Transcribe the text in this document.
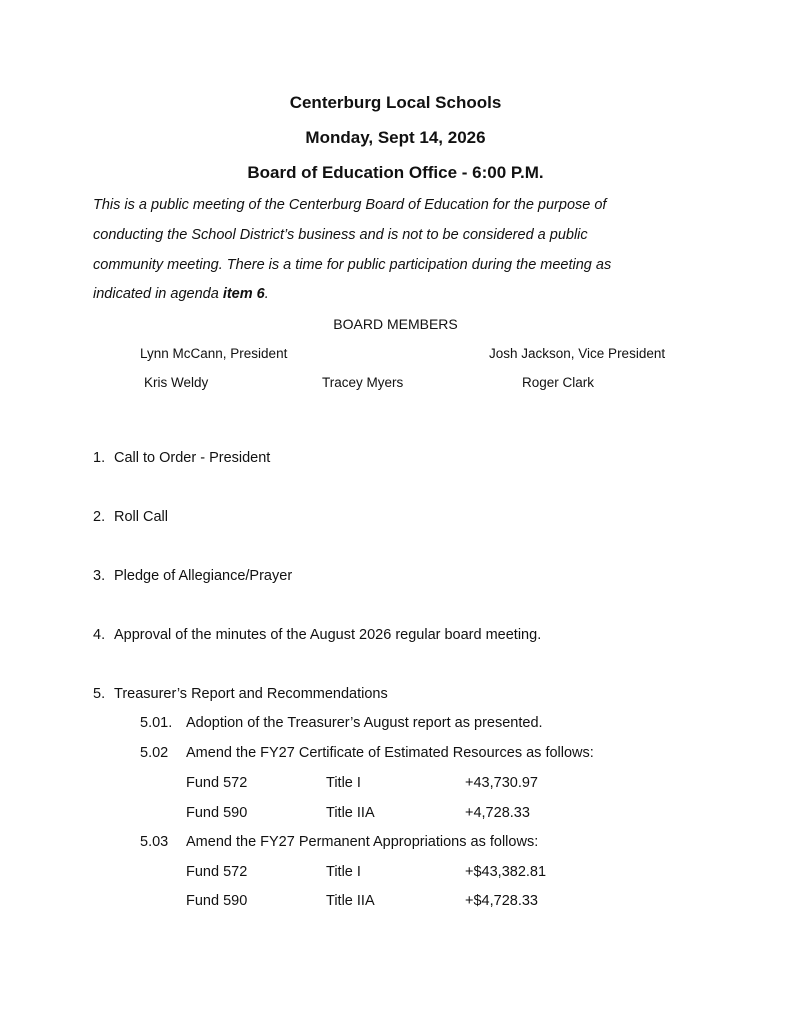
Centerburg Local Schools
Monday, Sept 14, 2026
Board of Education Office - 6:00 P.M.
This is a public meeting of the Centerburg Board of Education for the purpose of
conducting the School District’s business and is not to be considered a public
community meeting. There is a time for public participation during the meeting as
indicated in agenda item 6.
BOARD MEMBERS
Lynn McCann, President	Josh Jackson, Vice President
Kris Weldy	Tracey Myers	Roger Clark
1. Call to Order - President
2. Roll Call
3. Pledge of Allegiance/Prayer
4. Approval of the minutes of the August 2026 regular board meeting.
5. Treasurer’s Report and Recommendations
5.01. Adoption of the Treasurer’s August report as presented.
5.02 Amend the FY27 Certificate of Estimated Resources as follows:
Fund 572	Title I	+43,730.97
Fund 590	Title IIA	+4,728.33
5.03 Amend the FY27 Permanent Appropriations as follows:
Fund 572	Title I	+$43,382.81
Fund 590	Title IIA	+$4,728.33
